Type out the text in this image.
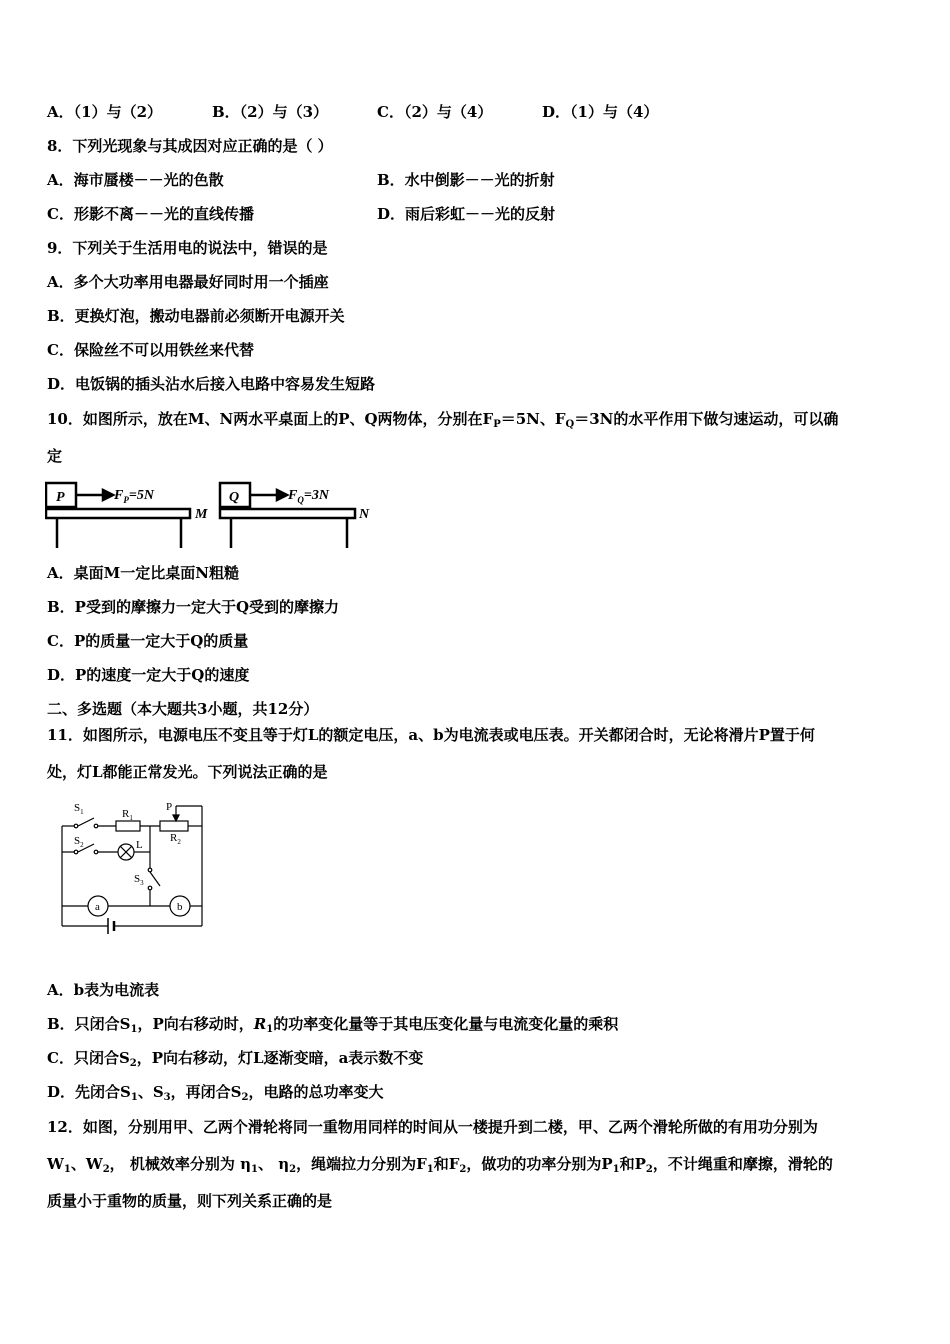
A．（1）与（2）	B．（2）与（3）	C．（2）与（4）	D．（1）与（4）
8．下列光现象与其成因对应正确的是（ ）
A．海市蜃楼－－光的色散	B．水中倒影－－光的折射
C．形影不离－－光的直线传播	D．雨后彩虹－－光的反射
9．下列关于生活用电的说法中，错误的是
A．多个大功率用电器最好同时用一个插座
B．更换灯泡，搬动电器前必须断开电源开关
C．保险丝不可以用铁丝来代替
D．电饭锅的插头沾水后接入电路中容易发生短路
10．如图所示，放在M、N两水平桌面上的P、Q两物体，分别在$F_P=5N$、$F_Q=3N$的水平作用下做匀速运动，可以确
定
P	$F_P=5N$
M
Q	$F_Q=3N$
N
A．桌面M一定比桌面N粗糙
B．P受到的摩擦力一定大于Q受到的摩擦力
C．P的质量一定大于Q的质量
D．P的速度一定大于Q的速度
二、多选题（本大题共3小题，共12分）
11．如图所示，电源电压不变且等于灯L的额定电压，a、b为电流表或电压表。开关都闭合时，无论将滑片P置于何
处，灯L都能正常发光。下列说法正确的是
$S_1$	$R_1$
P
$R_2$
$S_2$	L
$S_3$
a	b
A．b表为电流表
B．只闭合$S_1$，P向右移动时，$R_1$的功率变化量等于其电压变化量与电流变化量的乘积
C．只闭合$S_2$，P向右移动，灯L逐渐变暗，a表示数不变
D．先闭合$S_1$、$S_3$，再闭合$S_2$，电路的总功率变大
12．如图，分别用甲、乙两个滑轮将同一重物用同样的时间从一楼提升到二楼，甲、乙两个滑轮所做的有用功分别为
$W_1$、$W_2$， 机械效率分别为 $\eta_1$、 $\eta_2$，绳端拉力分别为$F_1$和$F_2$，做功的功率分别为$P_1$和$P_2$，不计绳重和摩擦，滑轮的
质量小于重物的质量，则下列关系正确的是
